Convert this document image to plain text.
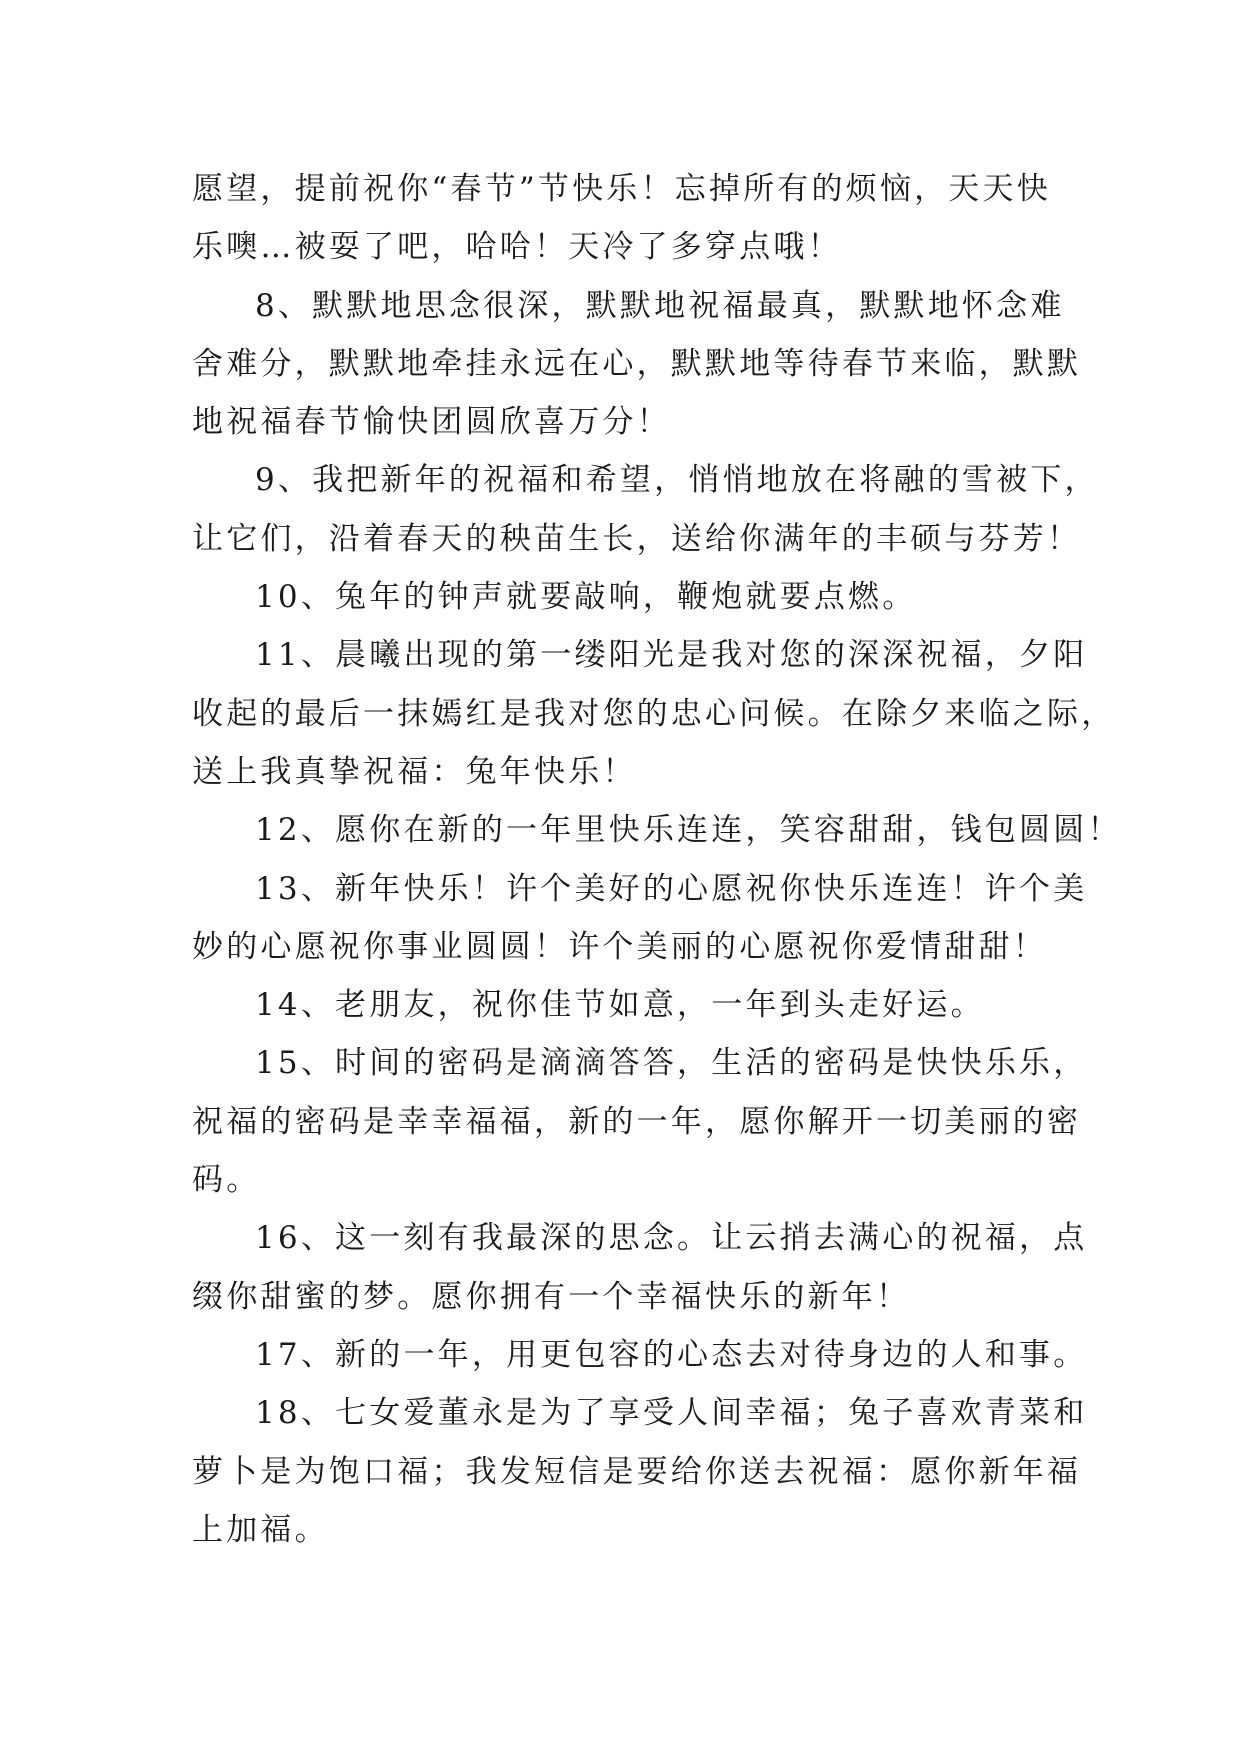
愿望，提前祝你“春节”节快乐！忘掉所有的烦恼，天天快
乐噢…被耍了吧，哈哈！天冷了多穿点哦！
8、默默地思念很深，默默地祝福最真，默默地怀念难
舍难分，默默地牵挂永远在心，默默地等待春节来临，默默
地祝福春节愉快团圆欣喜万分！
9、我把新年的祝福和希望，悄悄地放在将融的雪被下，
让它们，沿着春天的秧苗生长，送给你满年的丰硕与芬芳！
10、兔年的钟声就要敲响，鞭炮就要点燃。
11、晨曦出现的第一缕阳光是我对您的深深祝福，夕阳
收起的最后一抹嫣红是我对您的忠心问候。在除夕来临之际，
送上我真挚祝福：兔年快乐！
12、愿你在新的一年里快乐连连，笑容甜甜，钱包圆圆！
13、新年快乐！许个美好的心愿祝你快乐连连！许个美
妙的心愿祝你事业圆圆！许个美丽的心愿祝你爱情甜甜！
14、老朋友，祝你佳节如意，一年到头走好运。
15、时间的密码是滴滴答答，生活的密码是快快乐乐，
祝福的密码是幸幸福福，新的一年，愿你解开一切美丽的密
码。
16、这一刻有我最深的思念。让云捎去满心的祝福，点
缀你甜蜜的梦。愿你拥有一个幸福快乐的新年！
17、新的一年，用更包容的心态去对待身边的人和事。
18、七女爱董永是为了享受人间幸福；兔子喜欢青菜和
萝卜是为饱口福；我发短信是要给你送去祝福：愿你新年福
上加福。
